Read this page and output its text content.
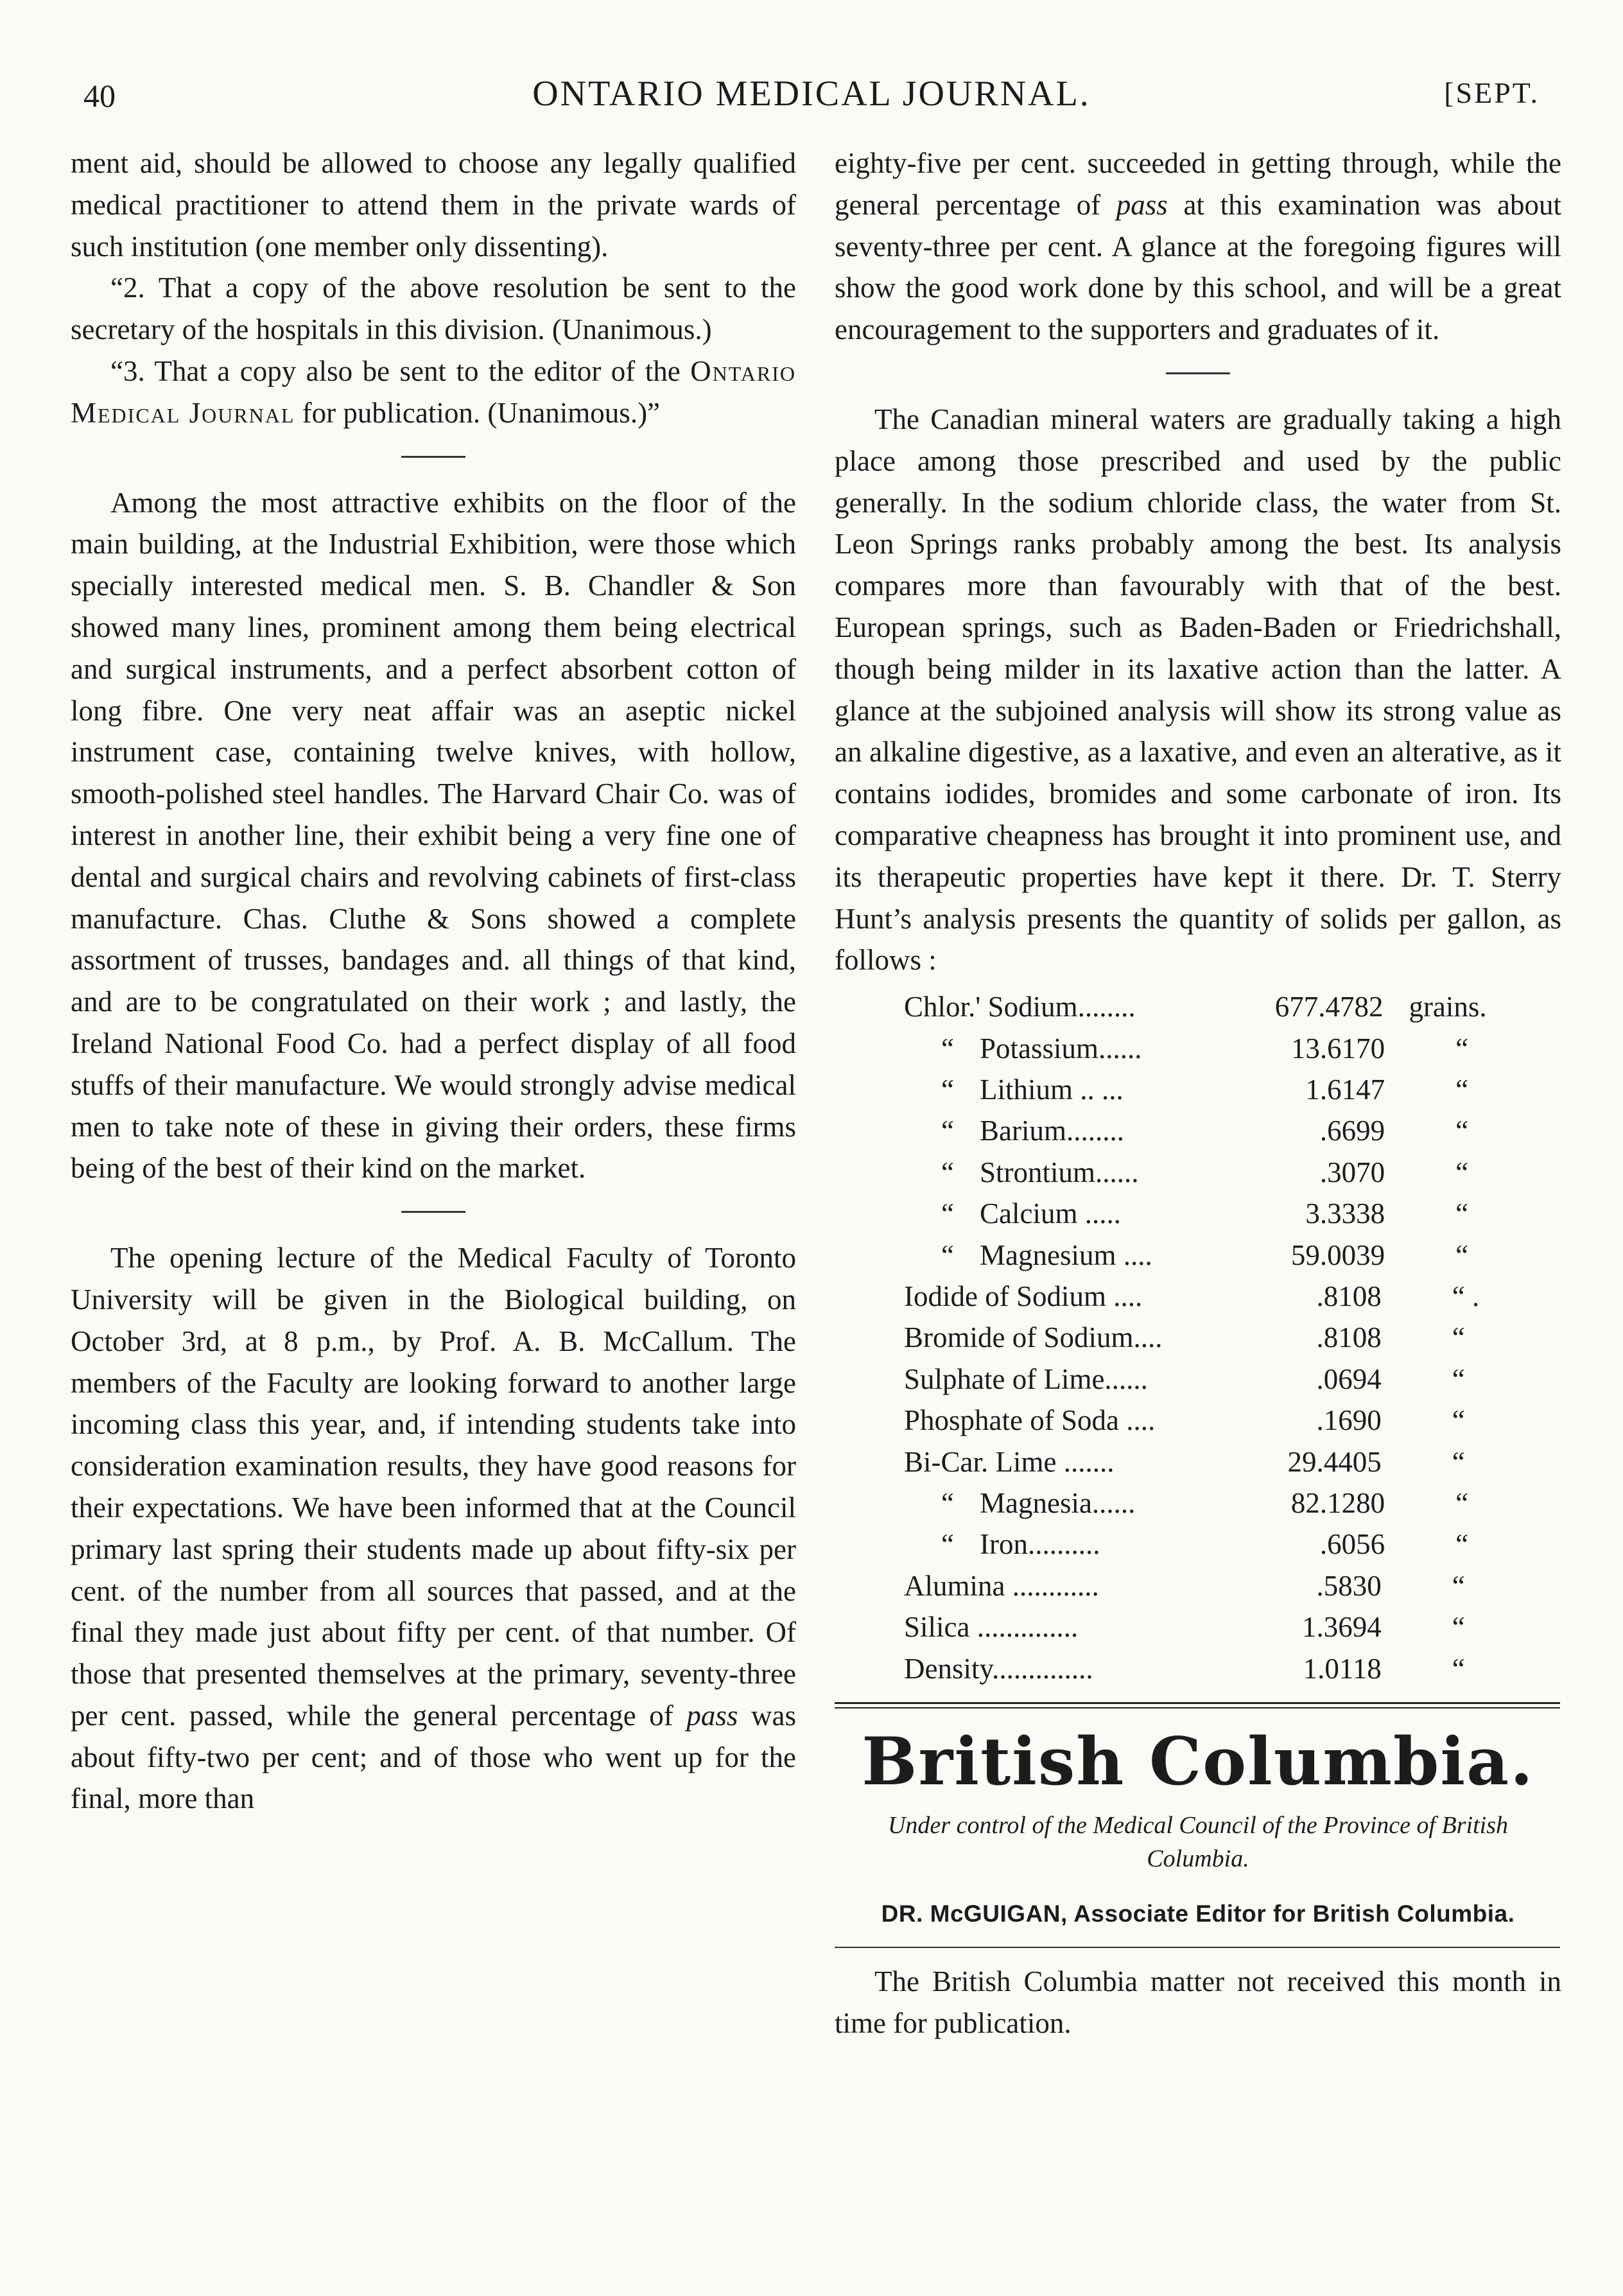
40	ONTARIO MEDICAL JOURNAL.	[SEPT.

ment aid, should be allowed to choose any legally qualified medical practitioner to attend them in the private wards of such institution (one member only dissenting).

“2. That a copy of the above resolution be sent to the secretary of the hospitals in this division. (Unanimous.)

“3. That a copy also be sent to the editor of the Ontario Medical Journal for publication. (Unanimous.)”

Among the most attractive exhibits on the floor of the main building, at the Industrial Exhibition, were those which specially interested medical men. S. B. Chandler & Son showed many lines, prominent among them being electrical and surgical instruments, and a perfect absorbent cotton of long fibre. One very neat affair was an aseptic nickel instrument case, containing twelve knives, with hollow, smooth-polished steel handles. The Harvard Chair Co. was of interest in another line, their exhibit being a very fine one of dental and surgical chairs and revolving cabinets of first-class manufacture. Chas. Cluthe & Sons showed a complete assortment of trusses, bandages and. all things of that kind, and are to be congratulated on their work ; and lastly, the Ireland National Food Co. had a perfect display of all food stuffs of their manufacture. We would strongly advise medical men to take note of these in giving their orders, these firms being of the best of their kind on the market.

The opening lecture of the Medical Faculty of Toronto University will be given in the Biological building, on October 3rd, at 8 p.m., by Prof. A. B. McCallum. The members of the Faculty are looking forward to another large incoming class this year, and, if intending students take into consideration examination results, they have good reasons for their expectations. We have been informed that at the Council primary last spring their students made up about fifty-six per cent. of the number from all sources that passed, and at the final they made just about fifty per cent. of that number. Of those that presented themselves at the primary, seventy-three per cent. passed, while the general percentage of pass was about fifty-two per cent; and of those who went up for the final, more than

eighty-five per cent. succeeded in getting through, while the general percentage of pass at this examination was about seventy-three per cent. A glance at the foregoing figures will show the good work done by this school, and will be a great encouragement to the supporters and graduates of it.

The Canadian mineral waters are gradually taking a high place among those prescribed and used by the public generally. In the sodium chloride class, the water from St. Leon Springs ranks probably among the best. Its analysis compares more than favourably with that of the best. European springs, such as Baden-Baden or Friedrichshall, though being milder in its laxative action than the latter. A glance at the subjoined analysis will show its strong value as an alkaline digestive, as a laxative, and even an alterative, as it contains iodides, bromides and some carbonate of iron. Its comparative cheapness has brought it into prominent use, and its therapeutic properties have kept it there. Dr. T. Sterry Hunt’s analysis presents the quantity of solids per gallon, as follows :

Chlor.' Sodium........	677.4782 grains.
“ Potassium......	13.6170	“
“ Lithium .. ...	1.6147	“
“ Barium........	.6699	“
“ Strontium......	.3070	“
“ Calcium .....	3.3338	“
“ Magnesium ....	59.0039	“
Iodide of Sodium ....	.8108	“ .
Bromide of Sodium....	.8108	“
Sulphate of Lime......	.0694	“
Phosphate of Soda ....	.1690	“
Bi-Car. Lime .......	29.4405	“
“ Magnesia......	82.1280	“
“ Iron..........	.6056	“
Alumina ............	.5830	“
Silica ..............	1.3694	“
Density..............	1.0118	“
British Columbia.
Under control of the Medical Council of the Province of British Columbia.
DR. McGUIGAN, Associate Editor for British Columbia.

The British Columbia matter not received this month in time for publication.
